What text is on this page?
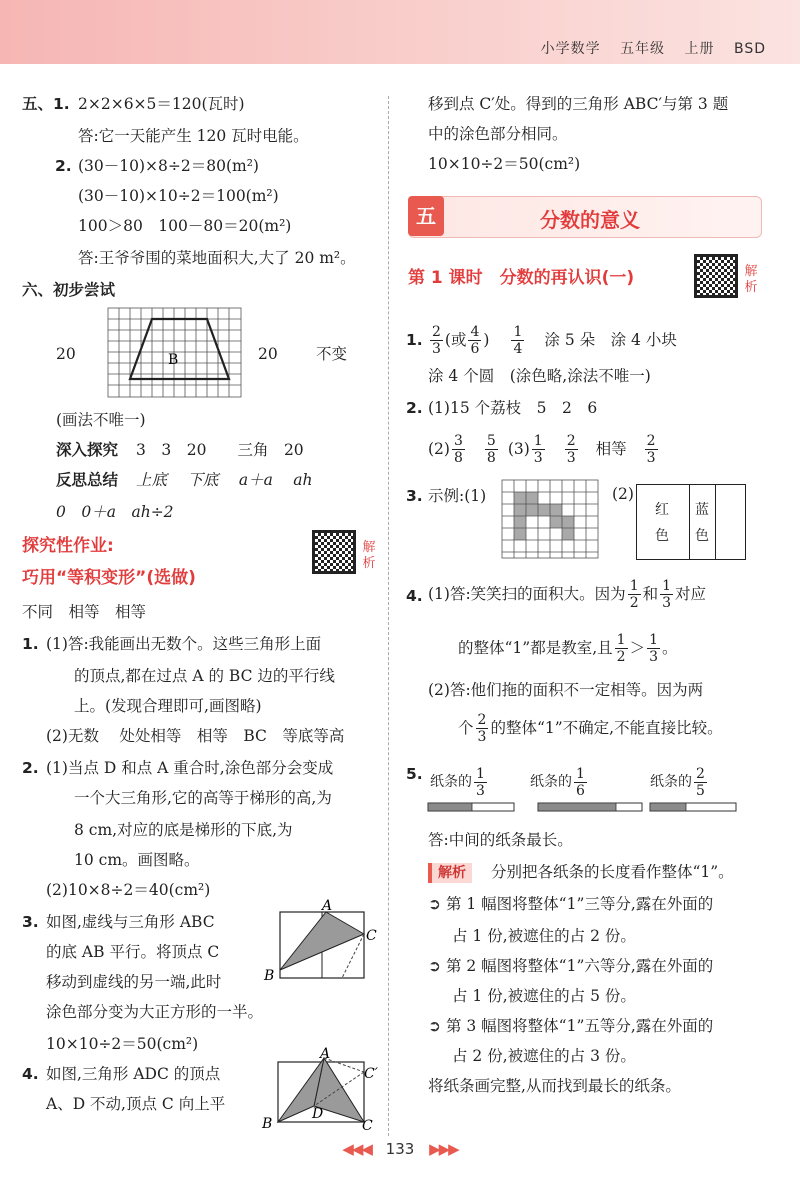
小学数学 五年级 上册 BSD
五、1. 2×2×6×5＝120(瓦时)
答:它一天能产生 120 瓦时电能。
2. (30－10)×8÷2＝80(m²)
(30－10)×10÷2＝100(m²)
100＞80　100－80＝20(m²)
答:王爷爷围的菜地面积大,大了 20 m²。
六、初步尝试
20	B	20 不变
(画法不唯一)
深入探究 3　3　20　　三角　20
反思总结 上底　 下底　 a＋a　 ah
0　0＋a　ah÷2
探究性作业:
巧用“等积变形”(选做)
解析
不同　相等　相等
1. (1)答:我能画出无数个。这些三角形上面
的顶点,都在过点 A 的 BC 边的平行线
上。(发现合理即可,画图略)
(2)无数　 处处相等　相等　BC　等底等高
2. (1)当点 D 和点 A 重合时,涂色部分会变成
一个大三角形,它的高等于梯形的高,为
8 cm,对应的底是梯形的下底,为
10 cm。画图略。
(2)10×8÷2＝40(cm²)
3. 如图,虚线与三角形 ABC
的底 AB 平行。将顶点 C
移动到虚线的另一端,此时
涂色部分变为大正方形的一半。
10×10÷2＝50(cm²)
A
B
C
4. 如图,三角形 ADC 的顶点
A、D 不动,顶点 C 向上平
A
B	C
C′
D
移到点 C′处。得到的三角形 ABC′与第 3 题
中的涂色部分相同。
10×10÷2＝50(cm²)
五	分数的意义
第 1 课时　分数的再认识(一)	解析
1. $\frac{2}{3}$ (或 $\frac{4}{6}$ ) $\frac{1}{4}$ 涂 5 朵　涂 4 小块
涂 4 个圆　(涂色略,涂法不唯一)
2. (1)15 个荔枝　5　2　6
$(2) \frac{3}{8} \frac{5}{8} (3) \frac{1}{3} \frac{2}{3}$ 相等 $\frac{2}{3}$
3. 示例:(1)	(2)
红色
蓝色
4. (1)答:笑笑扫的面积大。因为 $\frac{1}{2}$ 和 $\frac{1}{3}$ 对应
的整体“1”都是教室,且 $\frac{1}{2} > \frac{1}{3}$ 。
(2)答:他们拖的面积不一定相等。因为两
个 $\frac{2}{3}$ 的整体“1”不确定,不能直接比较。
5. 纸条的 $\frac{1}{3}$	纸条的 $\frac{1}{6}$	纸条的 $\frac{2}{5}$
答:中间的纸条最长。
解析 分别把各纸条的长度看作整体“1”。
➲ 第 1 幅图将整体“1”三等分,露在外面的
占 1 份,被遮住的占 2 份。
➲ 第 2 幅图将整体“1”六等分,露在外面的
占 1 份,被遮住的占 5 份。
➲ 第 3 幅图将整体“1”五等分,露在外面的
占 2 份,被遮住的占 3 份。
将纸条画完整,从而找到最长的纸条。
◀◀◀ 133 ▶▶▶
